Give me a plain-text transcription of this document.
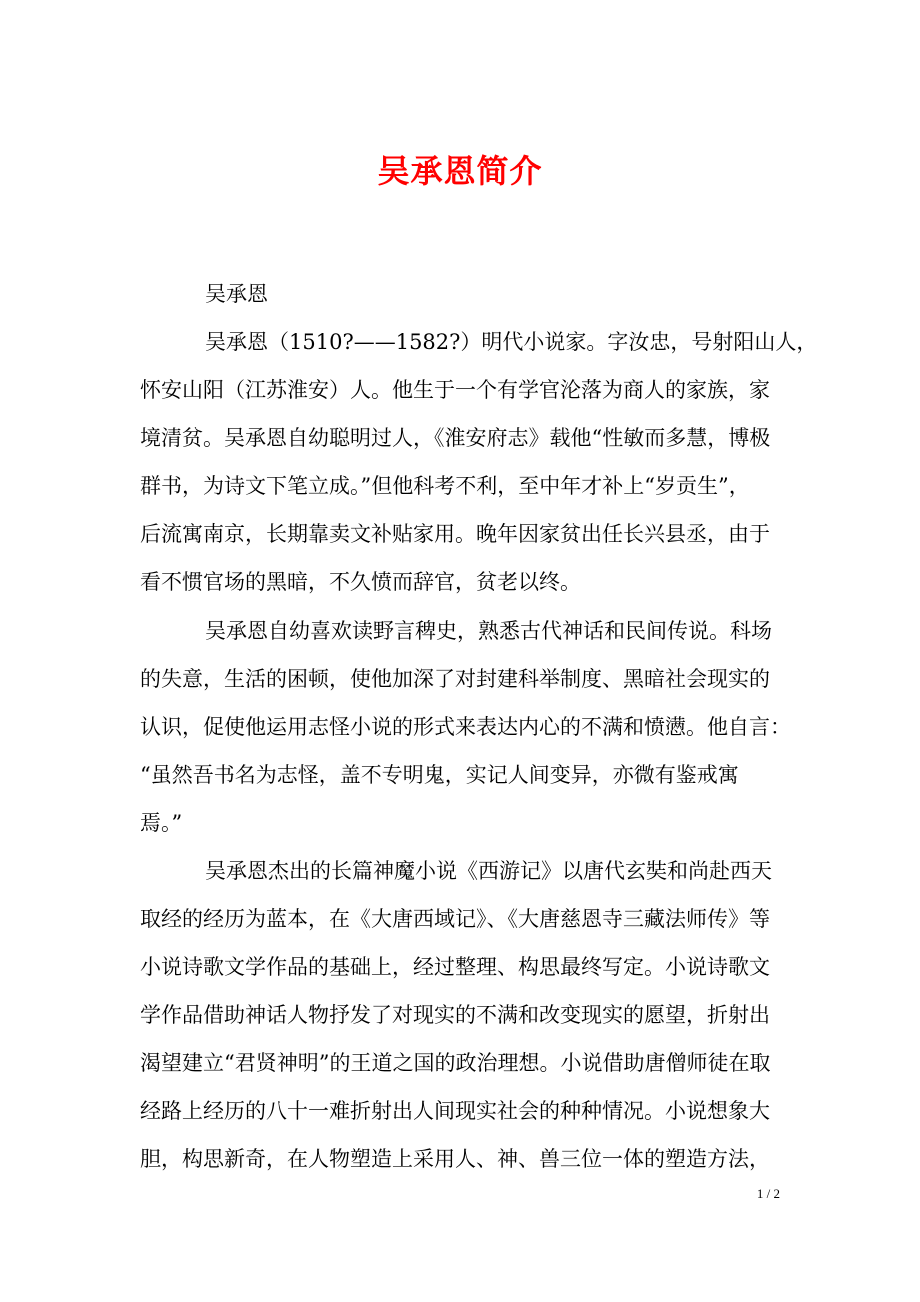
吴承恩简介

吴承恩

吴承恩（1510?——1582?）明代小说家。字汝忠，号射阳山人，

怀安山阳（江苏淮安）人。他生于一个有学官沦落为商人的家族，家

境清贫。吴承恩自幼聪明过人，《淮安府志》载他“性敏而多慧，博极

群书，为诗文下笔立成。”但他科考不利，至中年才补上“岁贡生”，

后流寓南京，长期靠卖文补贴家用。晚年因家贫出任长兴县丞，由于

看不惯官场的黑暗，不久愤而辞官，贫老以终。

吴承恩自幼喜欢读野言稗史，熟悉古代神话和民间传说。科场

的失意，生活的困顿，使他加深了对封建科举制度、黑暗社会现实的

认识，促使他运用志怪小说的形式来表达内心的不满和愤懑。他自言：

“虽然吾书名为志怪，盖不专明鬼，实记人间变异，亦微有鉴戒寓

焉。”

吴承恩杰出的长篇神魔小说《西游记》以唐代玄奘和尚赴西天

取经的经历为蓝本，在《大唐西域记》、《大唐慈恩寺三藏法师传》等

小说诗歌文学作品的基础上，经过整理、构思最终写定。小说诗歌文

学作品借助神话人物抒发了对现实的不满和改变现实的愿望，折射出

渴望建立“君贤神明”的王道之国的政治理想。小说借助唐僧师徒在取

经路上经历的八十一难折射出人间现实社会的种种情况。小说想象大

胆，构思新奇，在人物塑造上采用人、神、兽三位一体的塑造方法，

1 / 2
